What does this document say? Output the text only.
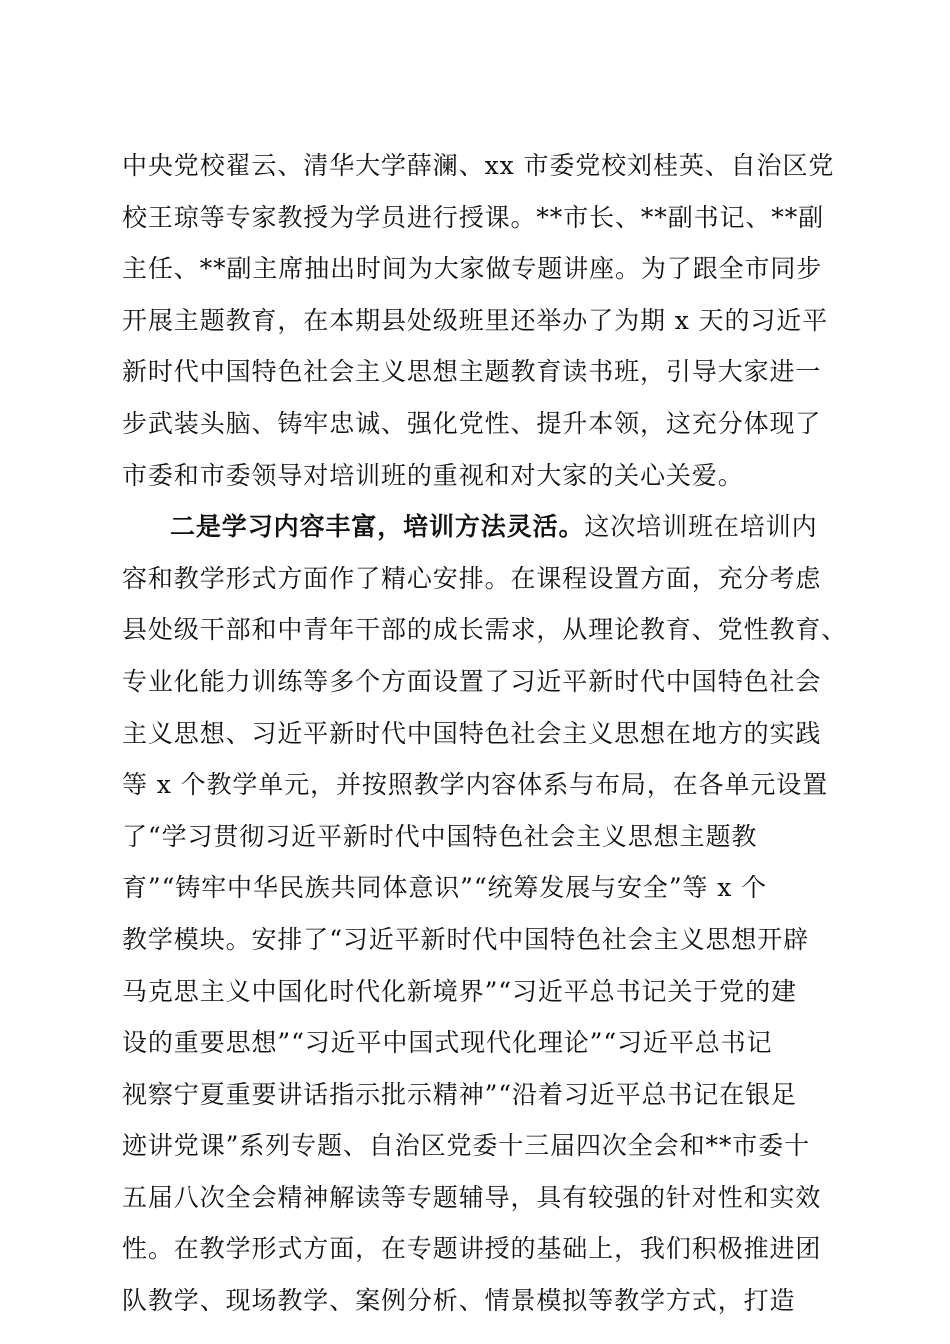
中央党校翟云、清华大学薛澜、xx 市委党校刘桂英、自治区党
校王琼等专家教授为学员进行授课。**市长、**副书记、**副
主任、**副主席抽出时间为大家做专题讲座。为了跟全市同步
开展主题教育，在本期县处级班里还举办了为期 x 天的习近平
新时代中国特色社会主义思想主题教育读书班，引导大家进一
步武装头脑、铸牢忠诚、强化党性、提升本领，这充分体现了
市委和市委领导对培训班的重视和对大家的关心关爱。
二是学习内容丰富，培训方法灵活。这次培训班在培训内
容和教学形式方面作了精心安排。在课程设置方面，充分考虑
县处级干部和中青年干部的成长需求，从理论教育、党性教育、
专业化能力训练等多个方面设置了习近平新时代中国特色社会
主义思想、习近平新时代中国特色社会主义思想在地方的实践
等 x 个教学单元，并按照教学内容体系与布局，在各单元设置
了“学习贯彻习近平新时代中国特色社会主义思想主题教
育”“铸牢中华民族共同体意识”“统筹发展与安全”等 x 个
教学模块。安排了“习近平新时代中国特色社会主义思想开辟
马克思主义中国化时代化新境界”“习近平总书记关于党的建
设的重要思想”“习近平中国式现代化理论”“习近平总书记
视察宁夏重要讲话指示批示精神”“沿着习近平总书记在银足
迹讲党课”系列专题、自治区党委十三届四次全会和**市委十
五届八次全会精神解读等专题辅导，具有较强的针对性和实效
性。在教学形式方面，在专题讲授的基础上，我们积极推进团
队教学、现场教学、案例分析、情景模拟等教学方式，打造
